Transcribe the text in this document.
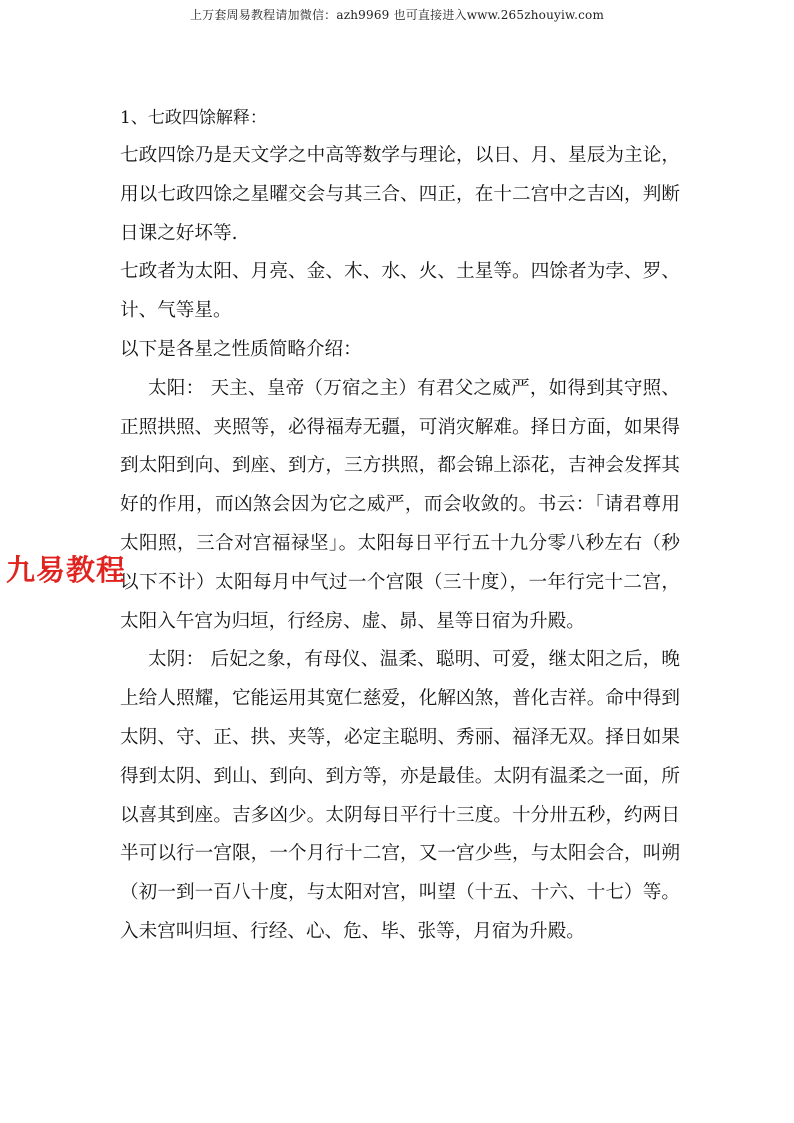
上万套周易教程请加微信：azh9969 也可直接进入www.265zhouyiw.com
1、七政四馀解释：

七政四馀乃是天文学之中高等数学与理论，以日、月、星辰为主论，用以七政四馀之星曜交会与其三合、四正，在十二宫中之吉凶，判断日课之好坏等.

七政者为太阳、月亮、金、木、水、火、土星等。四馀者为孛、罗、计、气等星。

以下是各星之性质简略介绍：

太阳： 天主、皇帝（万宿之主）有君父之威严，如得到其守照、正照拱照、夹照等，必得福寿无疆，可消灾解难。择日方面，如果得到太阳到向、到座、到方，三方拱照，都会锦上添花，吉神会发挥其好的作用，而凶煞会因为它之威严，而会收敛的。书云：「请君尊用太阳照，三合对宫福禄坚」。太阳每日平行五十九分零八秒左右（秒以下不计）太阳每月中气过一个宫限（三十度），一年行完十二宫，太阳入午宫为归垣，行经房、虚、昴、星等日宿为升殿。

太阴： 后妃之象，有母仪、温柔、聪明、可爱，继太阳之后，晚上给人照耀，它能运用其宽仁慈爱，化解凶煞，普化吉祥。命中得到太阴、守、正、拱、夹等，必定主聪明、秀丽、福泽无双。择日如果得到太阴、到山、到向、到方等，亦是最佳。太阴有温柔之一面，所以喜其到座。吉多凶少。太阴每日平行十三度。十分卅五秒，约两日半可以行一宫限，一个月行十二宫，又一宫少些，与太阳会合，叫朔（初一到一百八十度，与太阳对宫，叫望（十五、十六、十七）等。入未宫叫归垣、行经、心、危、毕、张等，月宿为升殿。

九易教程
